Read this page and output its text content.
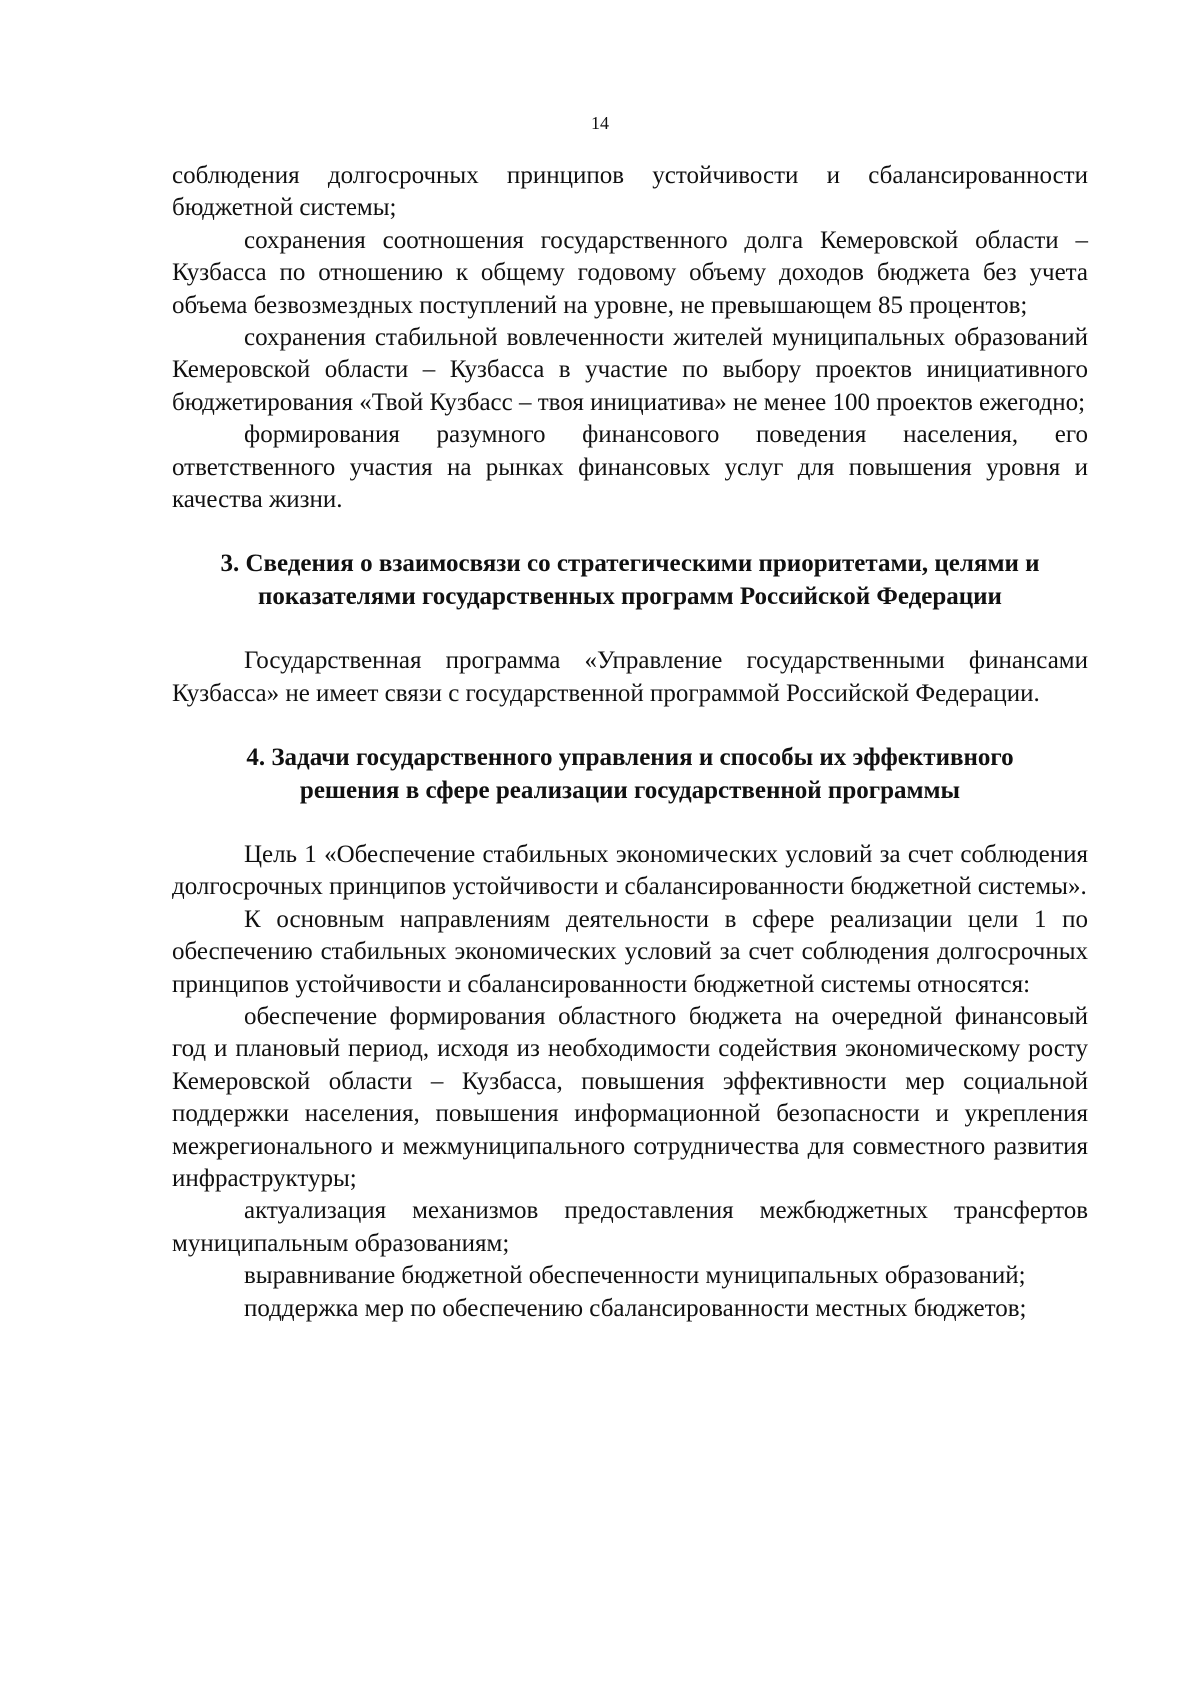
14

соблюдения долгосрочных принципов устойчивости и сбалансированности бюджетной системы;

сохранения соотношения государственного долга Кемеровской области – Кузбасса по отношению к общему годовому объему доходов бюджета без учета объема безвозмездных поступлений на уровне, не превышающем 85 процентов;

сохранения стабильной вовлеченности жителей муниципальных образований Кемеровской области – Кузбасса в участие по выбору проектов инициативного бюджетирования «Твой Кузбасс – твоя инициатива» не менее 100 проектов ежегодно;

формирования разумного финансового поведения населения, его ответственного участия на рынках финансовых услуг для повышения уровня и качества жизни.

3. Сведения о взаимосвязи со стратегическими приоритетами, целями и
показателями государственных программ Российской Федерации

Государственная программа «Управление государственными финансами Кузбасса» не имеет связи с государственной программой Российской Федерации.

4. Задачи государственного управления и способы их эффективного
решения в сфере реализации государственной программы

Цель 1 «Обеспечение стабильных экономических условий за счет соблюдения долгосрочных принципов устойчивости и сбалансированности бюджетной системы».

К основным направлениям деятельности в сфере реализации цели 1 по обеспечению стабильных экономических условий за счет соблюдения долгосрочных принципов устойчивости и сбалансированности бюджетной системы относятся:

обеспечение формирования областного бюджета на очередной финансовый год и плановый период, исходя из необходимости содействия экономическому росту Кемеровской области – Кузбасса, повышения эффективности мер социальной поддержки населения, повышения информационной безопасности и укрепления межрегионального и межмуниципального сотрудничества для совместного развития инфраструктуры;

актуализация механизмов предоставления межбюджетных трансфертов муниципальным образованиям;

выравнивание бюджетной обеспеченности муниципальных образований;

поддержка мер по обеспечению сбалансированности местных бюджетов;
